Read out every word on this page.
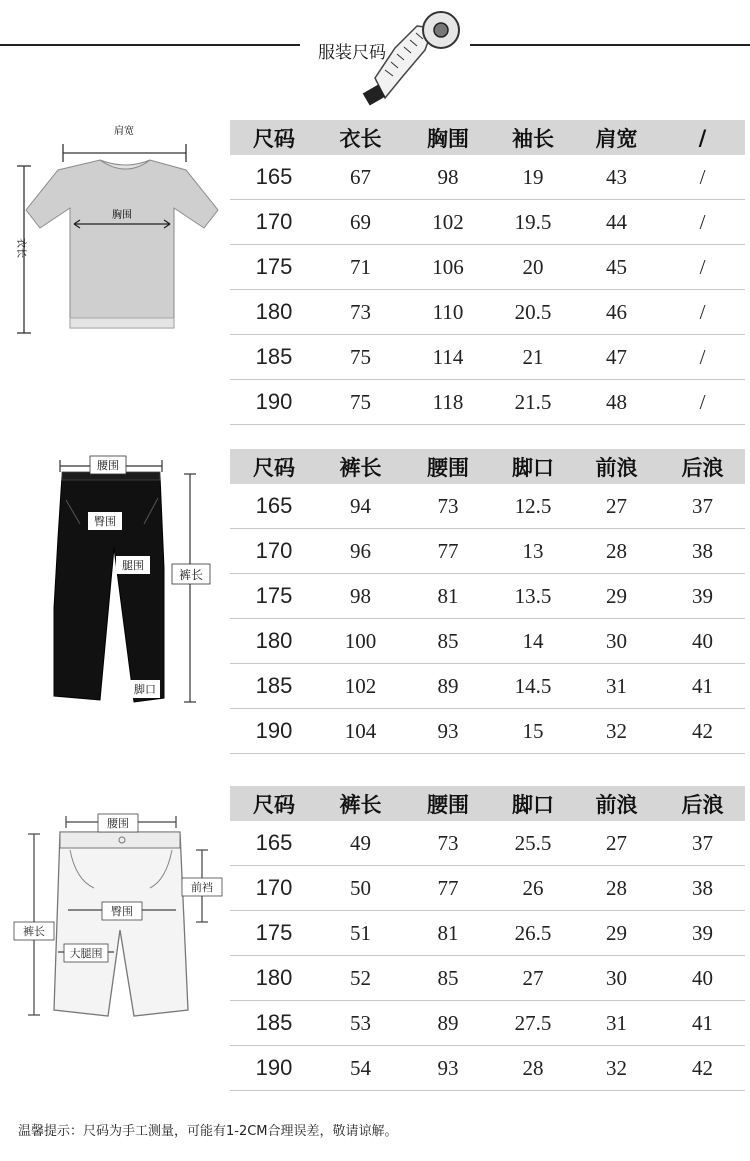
服装尺码
肩宽
胸围
衣长
尺码	衣长	胸围	袖长	肩宽	/
165	67	98	19	43	/
170	69	102	19.5	44	/
175	71	106	20	45	/
180	73	110	20.5	46	/
185	75	114	21	47	/
190	75	118	21.5	48	/
腰围
臀围
腿围
裤长
脚口
尺码	裤长	腰围	脚口	前浪	后浪
165	94	73	12.5	27	37
170	96	77	13	28	38
175	98	81	13.5	29	39
180	100	85	14	30	40
185	102	89	14.5	31	41
190	104	93	15	32	42
腰围
臀围
大腿围
裤长
前裆
尺码	裤长	腰围	脚口	前浪	后浪
165	49	73	25.5	27	37
170	50	77	26	28	38
175	51	81	26.5	29	39
180	52	85	27	30	40
185	53	89	27.5	31	41
190	54	93	28	32	42
温馨提示：尺码为手工测量，可能有1-2CM合理误差，敬请谅解。
